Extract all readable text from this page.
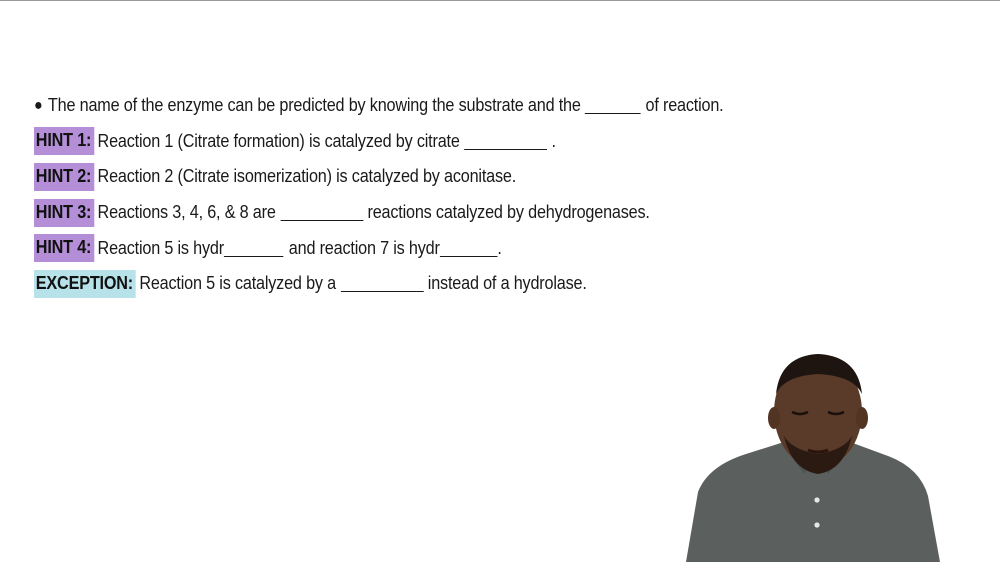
● The name of the enzyme can be predicted by knowing the substrate and the	of reaction.
HINT 1: Reaction 1 (Citrate formation) is catalyzed by citrate	.
HINT 2: Reaction 2 (Citrate isomerization) is catalyzed by aconitase.
HINT 3: Reactions 3, 4, 6, & 8 are	reactions catalyzed by dehydrogenases.
HINT 4: Reaction 5 is hydr	and reaction 7 is hydr	.
EXCEPTION: Reaction 5 is catalyzed by a	instead of a hydrolase.
